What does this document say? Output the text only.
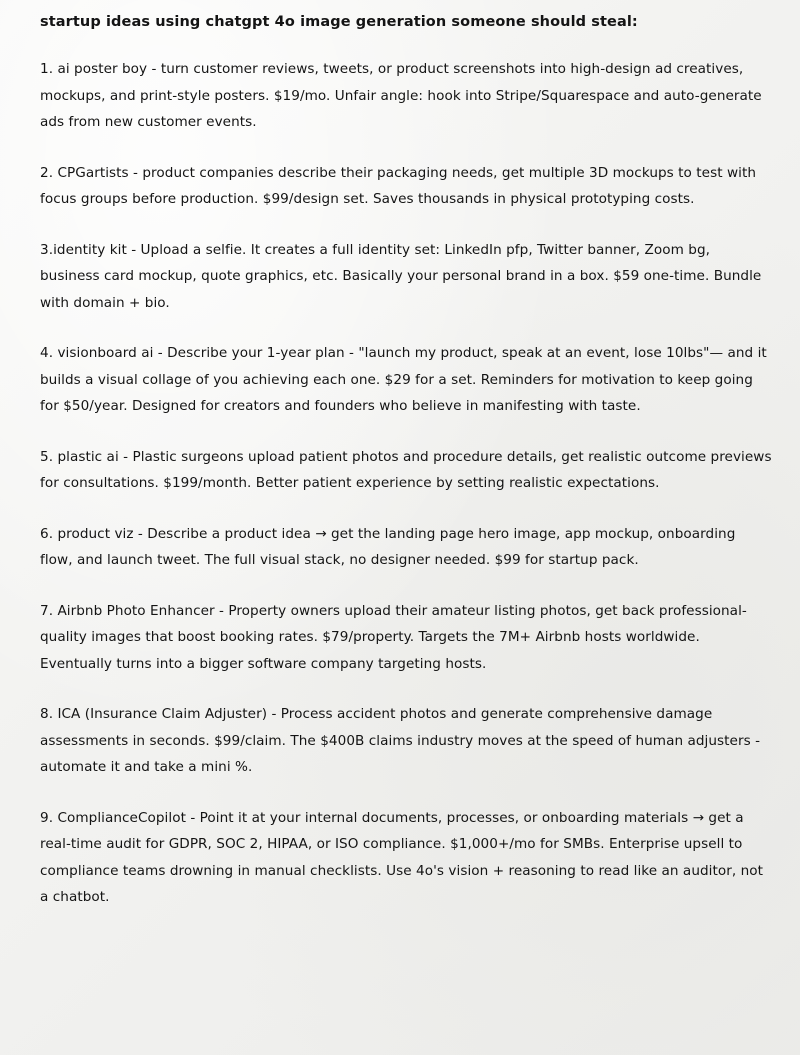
startup ideas using chatgpt 4o image generation someone should steal:

1. ai poster boy - turn customer reviews, tweets, or product screenshots into high-design ad creatives, mockups, and print-style posters. $19/mo. Unfair angle: hook into Stripe/Squarespace and auto-generate ads from new customer events.

2. CPGartists - product companies describe their packaging needs, get multiple 3D mockups to test with focus groups before production. $99/design set. Saves thousands in physical prototyping costs.

3.identity kit - Upload a selfie. It creates a full identity set: LinkedIn pfp, Twitter banner, Zoom bg, business card mockup, quote graphics, etc. Basically your personal brand in a box. $59 one-time. Bundle with domain + bio.

4. visionboard ai - Describe your 1-year plan - "launch my product, speak at an event, lose 10lbs"— and it builds a visual collage of you achieving each one. $29 for a set. Reminders for motivation to keep going for $50/year. Designed for creators and founders who believe in manifesting with taste.

5. plastic ai - Plastic surgeons upload patient photos and procedure details, get realistic outcome previews for consultations. $199/month. Better patient experience by setting realistic expectations.

6. product viz - Describe a product idea → get the landing page hero image, app mockup, onboarding flow, and launch tweet. The full visual stack, no designer needed. $99 for startup pack.

7. Airbnb Photo Enhancer - Property owners upload their amateur listing photos, get back professional-quality images that boost booking rates. $79/property. Targets the 7M+ Airbnb hosts worldwide. Eventually turns into a bigger software company targeting hosts.

8. ICA (Insurance Claim Adjuster) - Process accident photos and generate comprehensive damage assessments in seconds. $99/claim. The $400B claims industry moves at the speed of human adjusters - automate it and take a mini %.

9. ComplianceCopilot - Point it at your internal documents, processes, or onboarding materials → get a real-time audit for GDPR, SOC 2, HIPAA, or ISO compliance. $1,000+/mo for SMBs. Enterprise upsell to compliance teams drowning in manual checklists. Use 4o's vision + reasoning to read like an auditor, not a chatbot.
